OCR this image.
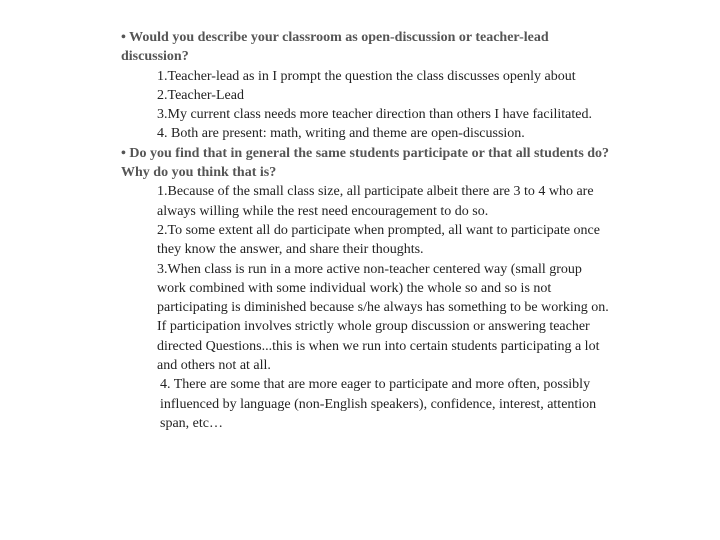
• Would you describe your classroom as open-discussion or teacher-lead discussion?

1.Teacher-lead as in I prompt the question the class discusses openly about

2.Teacher-Lead

3.My current class needs more teacher direction than others I have facilitated.

4. Both are present: math, writing and theme are open-discussion.

• Do you find that in general the same students participate or that all students do? Why do you think that is?

1.Because of the small class size, all participate albeit there are 3 to 4 who are always willing while the rest need encouragement to do so.

2.To some extent all do participate when prompted, all want to participate once they know the answer, and share their thoughts.

3.When class is run in a more active non-teacher centered way (small group work combined with some individual work) the whole so and so is not participating is diminished because s/he always has something to be working on. If participation involves strictly whole group discussion or answering teacher directed Questions...this is when we run into certain students participating a lot and others not at all.

4. There are some that are more eager to participate and more often, possibly influenced by language (non-English speakers), confidence, interest, attention span, etc…
